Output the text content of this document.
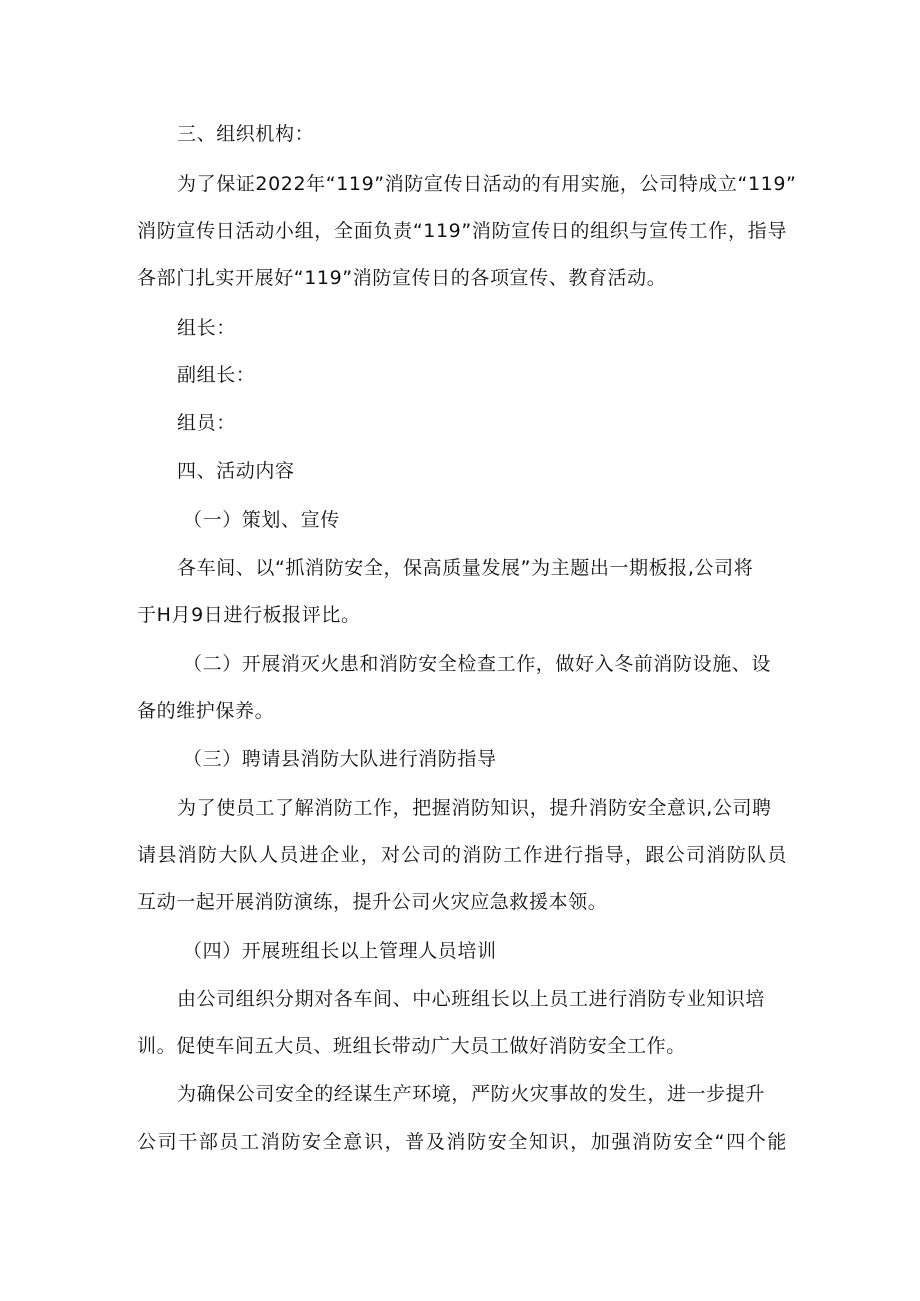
三、组织机构：
为了保证2022年“119”消防宣传日活动的有用实施，公司特成立“119”
消防宣传日活动小组，全面负责“119”消防宣传日的组织与宣传工作，指导
各部门扎实开展好“119”消防宣传日的各项宣传、教育活动。
组长：
副组长：
组员：
四、活动内容
（一）策划、宣传
各车间、以“抓消防安全，保高质量发展”为主题出一期板报,公司将
于H月9日进行板报评比。
（二）开展消灭火患和消防安全检查工作，做好入冬前消防设施、设
备的维护保养。
（三）聘请县消防大队进行消防指导
为了使员工了解消防工作，把握消防知识，提升消防安全意识,公司聘
请县消防大队人员进企业，对公司的消防工作进行指导，跟公司消防队员
互动一起开展消防演练，提升公司火灾应急救援本领。
（四）开展班组长以上管理人员培训
由公司组织分期对各车间、中心班组长以上员工进行消防专业知识培
训。促使车间五大员、班组长带动广大员工做好消防安全工作。
为确保公司安全的经谋生产环境，严防火灾事故的发生，进一步提升
公司干部员工消防安全意识，普及消防安全知识，加强消防安全“四个能
